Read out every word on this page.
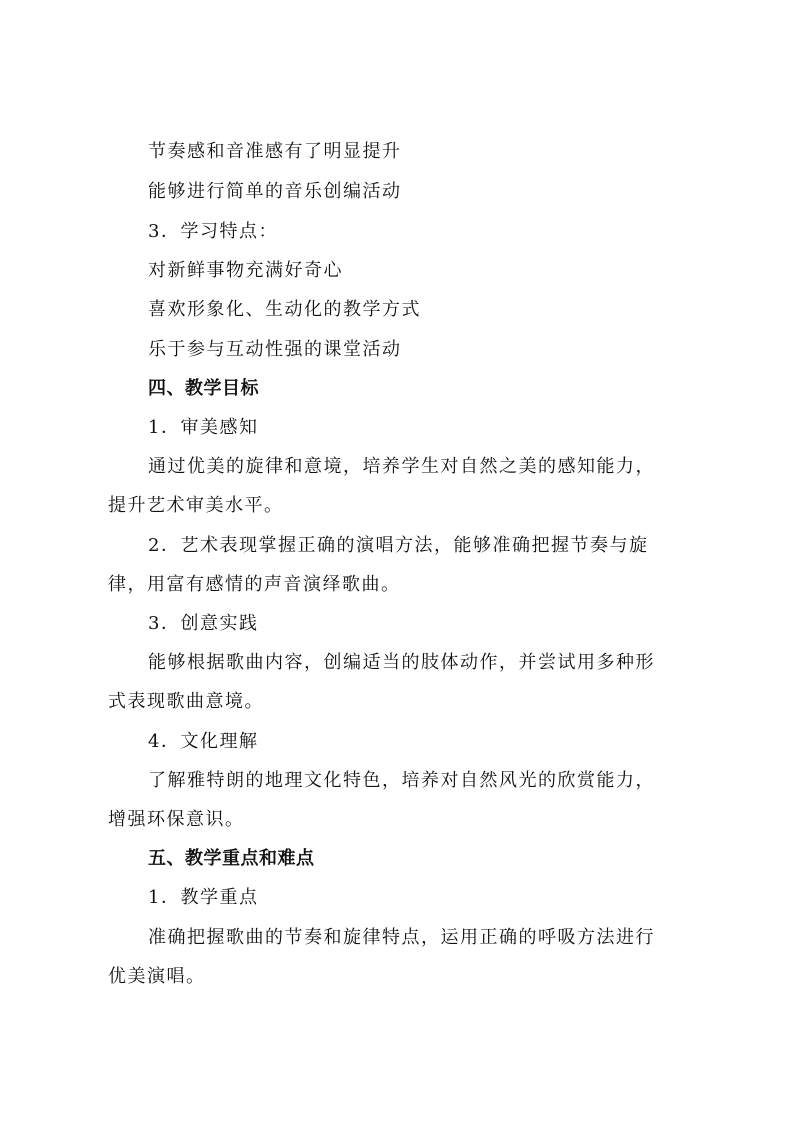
节奏感和音准感有了明显提升
能够进行简单的音乐创编活动
3．学习特点：
对新鲜事物充满好奇心
喜欢形象化、生动化的教学方式
乐于参与互动性强的课堂活动
四、教学目标
1．审美感知
通过优美的旋律和意境，培养学生对自然之美的感知能力，
提升艺术审美水平。
2．艺术表现掌握正确的演唱方法，能够准确把握节奏与旋
律，用富有感情的声音演绎歌曲。
3．创意实践
能够根据歌曲内容，创编适当的肢体动作，并尝试用多种形
式表现歌曲意境。
4．文化理解
了解雅特朗的地理文化特色，培养对自然风光的欣赏能力，
增强环保意识。
五、教学重点和难点
1．教学重点
准确把握歌曲的节奏和旋律特点，运用正确的呼吸方法进行
优美演唱。
